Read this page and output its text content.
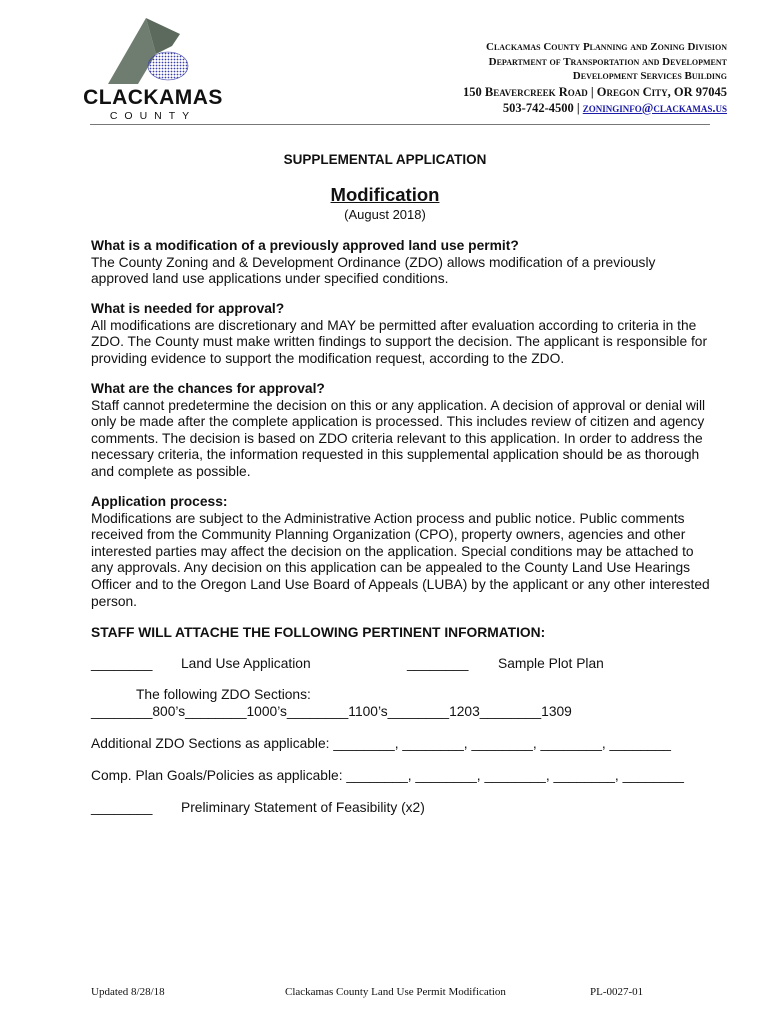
CLACKAMAS
COUNTY
Clackamas County Planning and Zoning Division
Department of Transportation and Development
Development Services Building
150 Beavercreek Road | Oregon City, OR 97045
503-742-4500 | zoninginfo@clackamas.us
SUPPLEMENTAL APPLICATION
Modification
(August 2018)
What is a modification of a previously approved land use permit?

The County Zoning and & Development Ordinance (ZDO) allows modification of a previously approved land use applications under specified conditions.

What is needed for approval?

All modifications are discretionary and MAY be permitted after evaluation according to criteria in the ZDO. The County must make written findings to support the decision. The applicant is responsible for providing evidence to support the modification request, according to the ZDO.

What are the chances for approval?

Staff cannot predetermine the decision on this or any application. A decision of approval or denial will only be made after the complete application is processed. This includes review of citizen and agency comments. The decision is based on ZDO criteria relevant to this application. In order to address the necessary criteria, the information requested in this supplemental application should be as thorough and complete as possible.

Application process:

Modifications are subject to the Administrative Action process and public notice. Public comments received from the Community Planning Organization (CPO), property owners, agencies and other interested parties may affect the decision on the application. Special conditions may be attached to any approvals. Any decision on this application can be appealed to the County Land Use Hearings Officer and to the Oregon Land Use Board of Appeals (LUBA) by the applicant or any other interested person.

STAFF WILL ATTACHE THE FOLLOWING PERTINENT INFORMATION:
________ Land Use Application	________ Sample Plot Plan
The following ZDO Sections:
________800’s________1000’s________1100’s________1203________1309
Additional ZDO Sections as applicable: ________, ________, ________, ________, ________
Comp. Plan Goals/Policies as applicable: ________, ________, ________, ________, ________
________ Preliminary Statement of Feasibility (x2)
Updated 8/28/18	Clackamas County Land Use Permit Modification	PL-0027-01
